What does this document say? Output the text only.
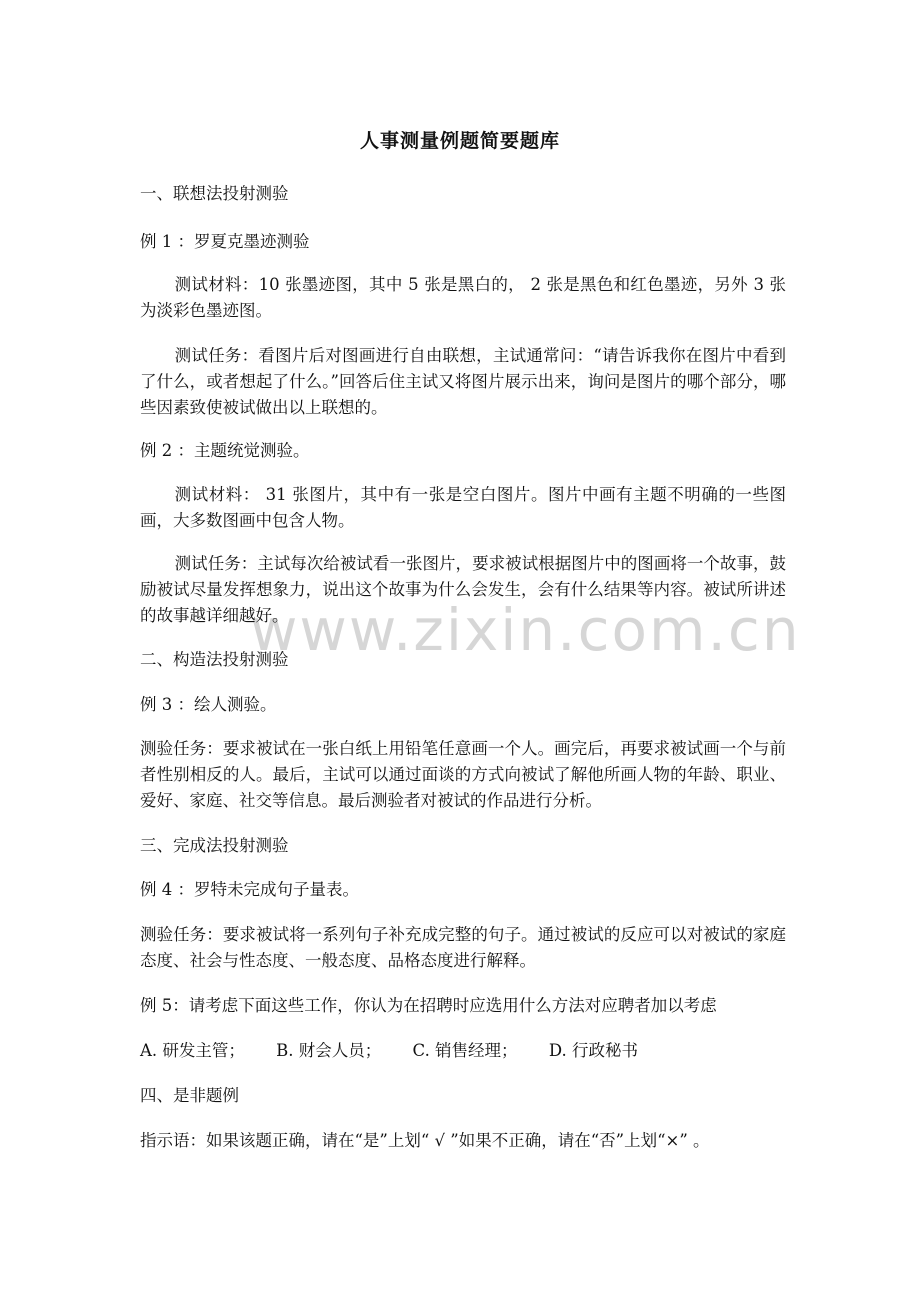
www.zixin.com.cn
人事测量例题简要题库
一、联想法投射测验
例 1 ：罗夏克墨迹测验
测试材料：10 张墨迹图，其中 5 张是黑白的， 2 张是黑色和红色墨迹，另外 3 张为淡彩色墨迹图。
测试任务：看图片后对图画进行自由联想，主试通常问：“请告诉我你在图片中看到了什么，或者想起了什么。”回答后住主试又将图片展示出来，询问是图片的哪个部分，哪些因素致使被试做出以上联想的。
例 2 ：主题统觉测验。
测试材料： 31 张图片，其中有一张是空白图片。图片中画有主题不明确的一些图画，大多数图画中包含人物。
测试任务：主试每次给被试看一张图片，要求被试根据图片中的图画将一个故事，鼓励被试尽量发挥想象力，说出这个故事为什么会发生，会有什么结果等内容。被试所讲述的故事越详细越好。
二、构造法投射测验
例 3 ：绘人测验。
测验任务：要求被试在一张白纸上用铅笔任意画一个人。画完后，再要求被试画一个与前者性别相反的人。最后，主试可以通过面谈的方式向被试了解他所画人物的年龄、职业、爱好、家庭、社交等信息。最后测验者对被试的作品进行分析。
三、完成法投射测验
例 4 ：罗特未完成句子量表。
测验任务：要求被试将一系列句子补充成完整的句子。通过被试的反应可以对被试的家庭态度、社会与性态度、一般态度、品格态度进行解释。
例 5：请考虑下面这些工作，你认为在招聘时应选用什么方法对应聘者加以考虑
A. 研发主管； B. 财会人员； C. 销售经理； D. 行政秘书
四、是非题例
指示语：如果该题正确，请在“是”上划“ √ ”如果不正确，请在“否”上划“×” 。
